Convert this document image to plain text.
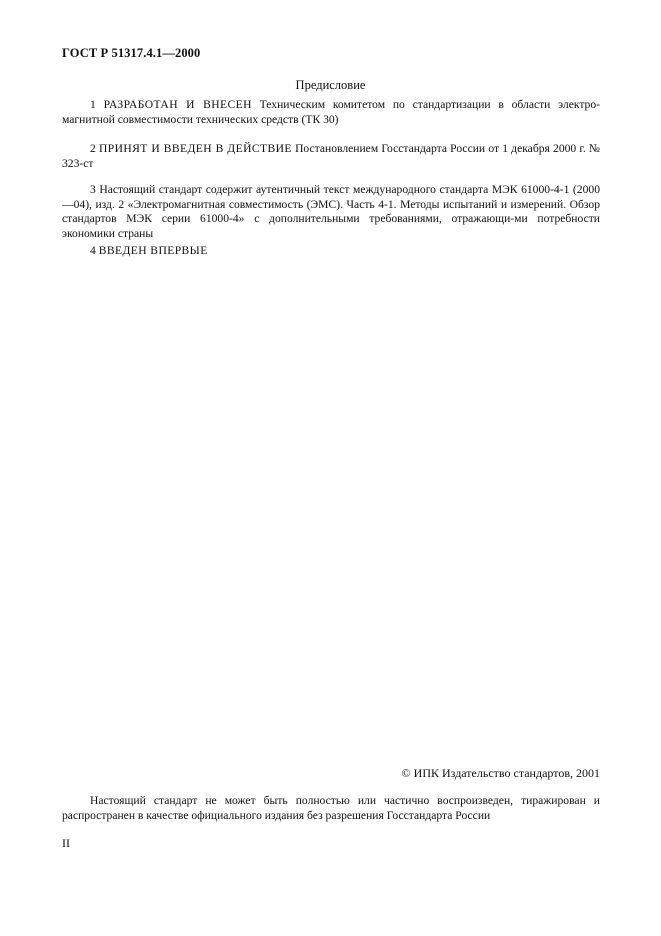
ГОСТ Р 51317.4.1—2000
Предисловие
1 РАЗРАБОТАН И ВНЕСЕН Техническим комитетом по стандартизации в области электро-магнитной совместимости технических средств (ТК 30)
2 ПРИНЯТ И ВВЕДЕН В ДЕЙСТВИЕ Постановлением Госстандарта России от 1 декабря 2000 г. № 323-ст
3 Настоящий стандарт содержит аутентичный текст международного стандарта МЭК 61000-4-1 (2000—04), изд. 2 «Электромагнитная совместимость (ЭМС). Часть 4-1. Методы испытаний и измерений. Обзор стандартов МЭК серии 61000-4» с дополнительными требованиями, отражающи-ми потребности экономики страны
4 ВВЕДЕН ВПЕРВЫЕ
© ИПК Издательство стандартов, 2001
Настоящий стандарт не может быть полностью или частично воспроизведен, тиражирован и распространен в качестве официального издания без разрешения Госстандарта России
II
